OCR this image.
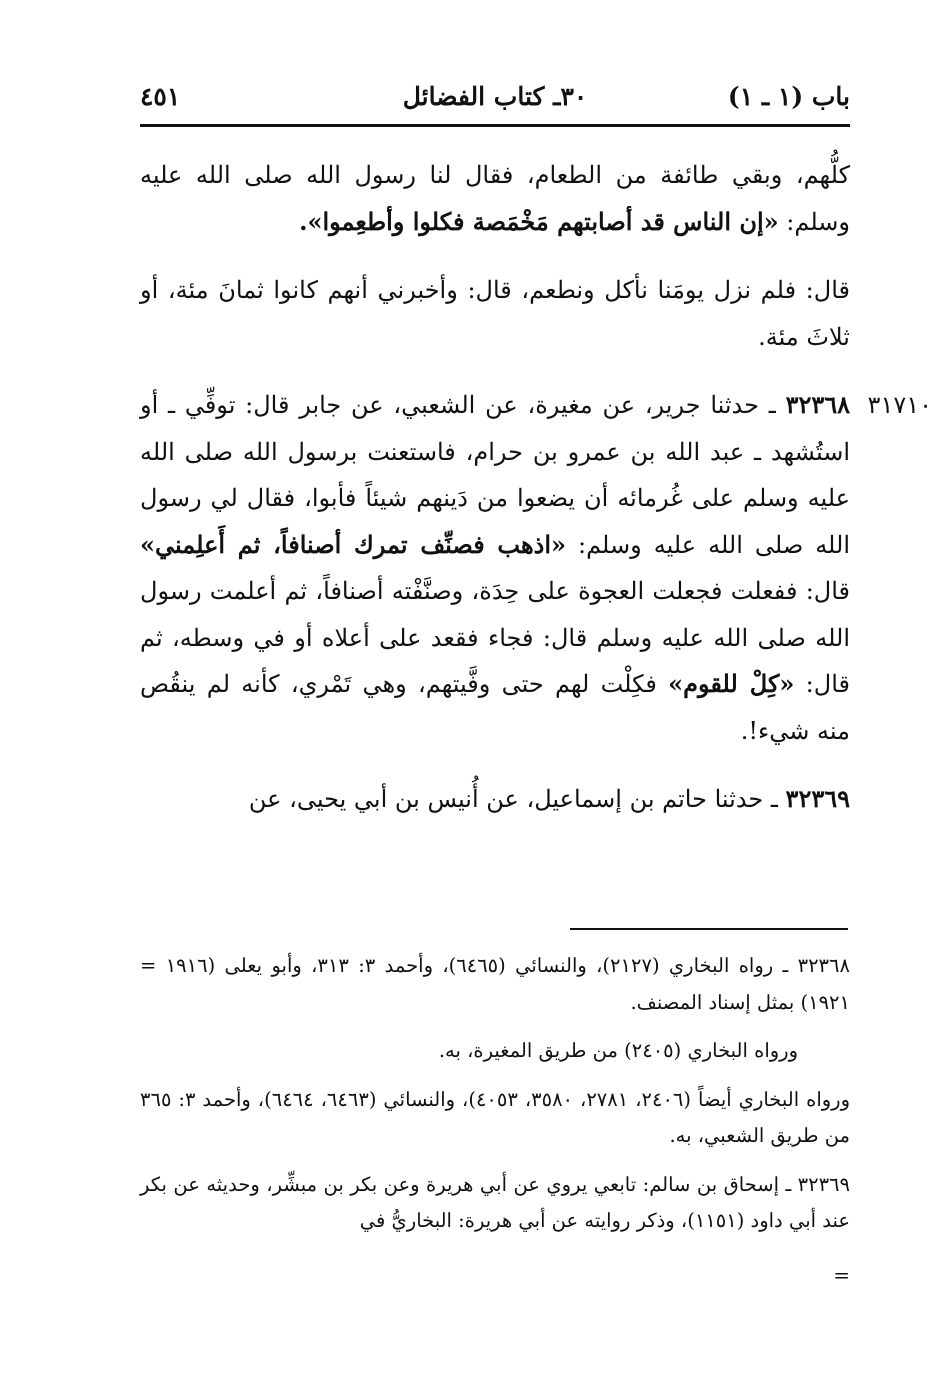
باب (١ ـ ١)
٣٠ـ كتاب الفضائل
٤٥١

كلُّهم، وبقي طائفة من الطعام، فقال لنا رسول الله صلى الله عليه وسلم: «إن الناس قد أصابتهم مَخْمَصة فكلوا وأطعِموا».

قال: فلم نزل يومَنا نأكل ونطعم، قال: وأخبرني أنهم كانوا ثمانَ مئة، أو ثلاثَ مئة.

٣١٧١٠

٣٢٣٦٨ ـ حدثنا جرير، عن مغيرة، عن الشعبي، عن جابر قال: توفِّي ـ أو استُشهد ـ عبد الله بن عمرو بن حرام، فاستعنت برسول الله صلى الله عليه وسلم على غُرمائه أن يضعوا من دَينهم شيئاً فأبوا، فقال لي رسول الله صلى الله عليه وسلم: «اذهب فصنِّف تمرك أصنافاً، ثم أَعلِمني» قال: ففعلت فجعلت العجوة على حِدَة، وصنَّفْته أصنافاً، ثم أعلمت رسول الله صلى الله عليه وسلم قال: فجاء فقعد على أعلاه أو في وسطه، ثم قال: «كِلْ للقوم» فكِلْت لهم حتى وفَّيتهم، وهي تَمْري، كأنه لم ينقُص منه شيء!.

٣٢٣٦٩ ـ حدثنا حاتم بن إسماعيل، عن أُنيس بن أبي يحيى، عن

٣٢٣٦٨ ـ رواه البخاري (٢١٢٧)، والنسائي (٦٤٦٥)، وأحمد ٣: ٣١٣، وأبو يعلى (١٩١٦ = ١٩٢١) بمثل إسناد المصنف.

ورواه البخاري (٢٤٠٥) من طريق المغيرة، به.

ورواه البخاري أيضاً (٢٤٠٦، ٢٧٨١، ٣٥٨٠، ٤٠٥٣)، والنسائي (٦٤٦٣، ٦٤٦٤)، وأحمد ٣: ٣٦٥ من طريق الشعبي، به.

٣٢٣٦٩ ـ إسحاق بن سالم: تابعي يروي عن أبي هريرة وعن بكر بن مبشِّر، وحديثه عن بكر عند أبي داود (١١٥١)، وذكر روايته عن أبي هريرة: البخاريُّ في

=
